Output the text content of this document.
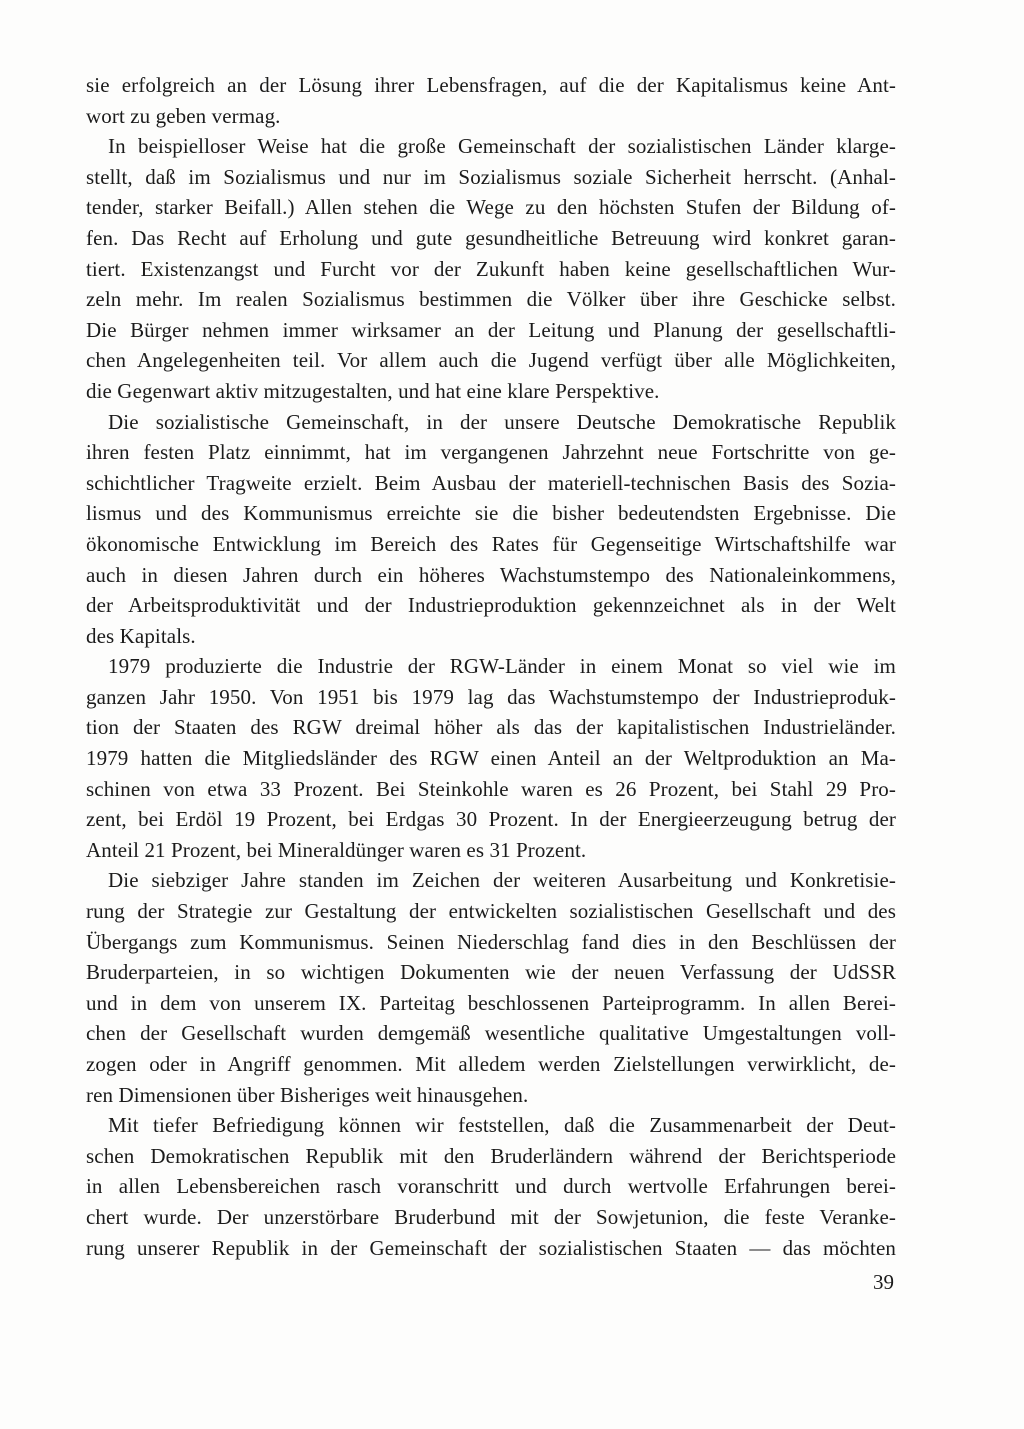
sie erfolgreich an der Lösung ihrer Lebensfragen, auf die der Kapitalismus keine Ant-
wort zu geben vermag.
In beispielloser Weise hat die große Gemeinschaft der sozialistischen Länder klarge-
stellt, daß im Sozialismus und nur im Sozialismus soziale Sicherheit herrscht. (Anhal-
tender, starker Beifall.) Allen stehen die Wege zu den höchsten Stufen der Bildung of-
fen. Das Recht auf Erholung und gute gesundheitliche Betreuung wird konkret garan-
tiert. Existenzangst und Furcht vor der Zukunft haben keine gesellschaftlichen Wur-
zeln mehr. Im realen Sozialismus bestimmen die Völker über ihre Geschicke selbst.
Die Bürger nehmen immer wirksamer an der Leitung und Planung der gesellschaftli-
chen Angelegenheiten teil. Vor allem auch die Jugend verfügt über alle Möglichkeiten,
die Gegenwart aktiv mitzugestalten, und hat eine klare Perspektive.
Die sozialistische Gemeinschaft, in der unsere Deutsche Demokratische Republik
ihren festen Platz einnimmt, hat im vergangenen Jahrzehnt neue Fortschritte von ge-
schichtlicher Tragweite erzielt. Beim Ausbau der materiell-technischen Basis des Sozia-
lismus und des Kommunismus erreichte sie die bisher bedeutendsten Ergebnisse. Die
ökonomische Entwicklung im Bereich des Rates für Gegenseitige Wirtschaftshilfe war
auch in diesen Jahren durch ein höheres Wachstumstempo des Nationaleinkommens,
der Arbeitsproduktivität und der Industrieproduktion gekennzeichnet als in der Welt
des Kapitals.
1979 produzierte die Industrie der RGW-Länder in einem Monat so viel wie im
ganzen Jahr 1950. Von 1951 bis 1979 lag das Wachstumstempo der Industrieproduk-
tion der Staaten des RGW dreimal höher als das der kapitalistischen Industrieländer.
1979 hatten die Mitgliedsländer des RGW einen Anteil an der Weltproduktion an Ma-
schinen von etwa 33 Prozent. Bei Steinkohle waren es 26 Prozent, bei Stahl 29 Pro-
zent, bei Erdöl 19 Prozent, bei Erdgas 30 Prozent. In der Energieerzeugung betrug der
Anteil 21 Prozent, bei Mineraldünger waren es 31 Prozent.
Die siebziger Jahre standen im Zeichen der weiteren Ausarbeitung und Konkretisie-
rung der Strategie zur Gestaltung der entwickelten sozialistischen Gesellschaft und des
Übergangs zum Kommunismus. Seinen Niederschlag fand dies in den Beschlüssen der
Bruderparteien, in so wichtigen Dokumenten wie der neuen Verfassung der UdSSR
und in dem von unserem IX. Parteitag beschlossenen Parteiprogramm. In allen Berei-
chen der Gesellschaft wurden demgemäß wesentliche qualitative Umgestaltungen voll-
zogen oder in Angriff genommen. Mit alledem werden Zielstellungen verwirklicht, de-
ren Dimensionen über Bisheriges weit hinausgehen.
Mit tiefer Befriedigung können wir feststellen, daß die Zusammenarbeit der Deut-
schen Demokratischen Republik mit den Bruderländern während der Berichtsperiode
in allen Lebensbereichen rasch voranschritt und durch wertvolle Erfahrungen berei-
chert wurde. Der unzerstörbare Bruderbund mit der Sowjetunion, die feste Veranke-
rung unserer Republik in der Gemeinschaft der sozialistischen Staaten — das möchten
39
